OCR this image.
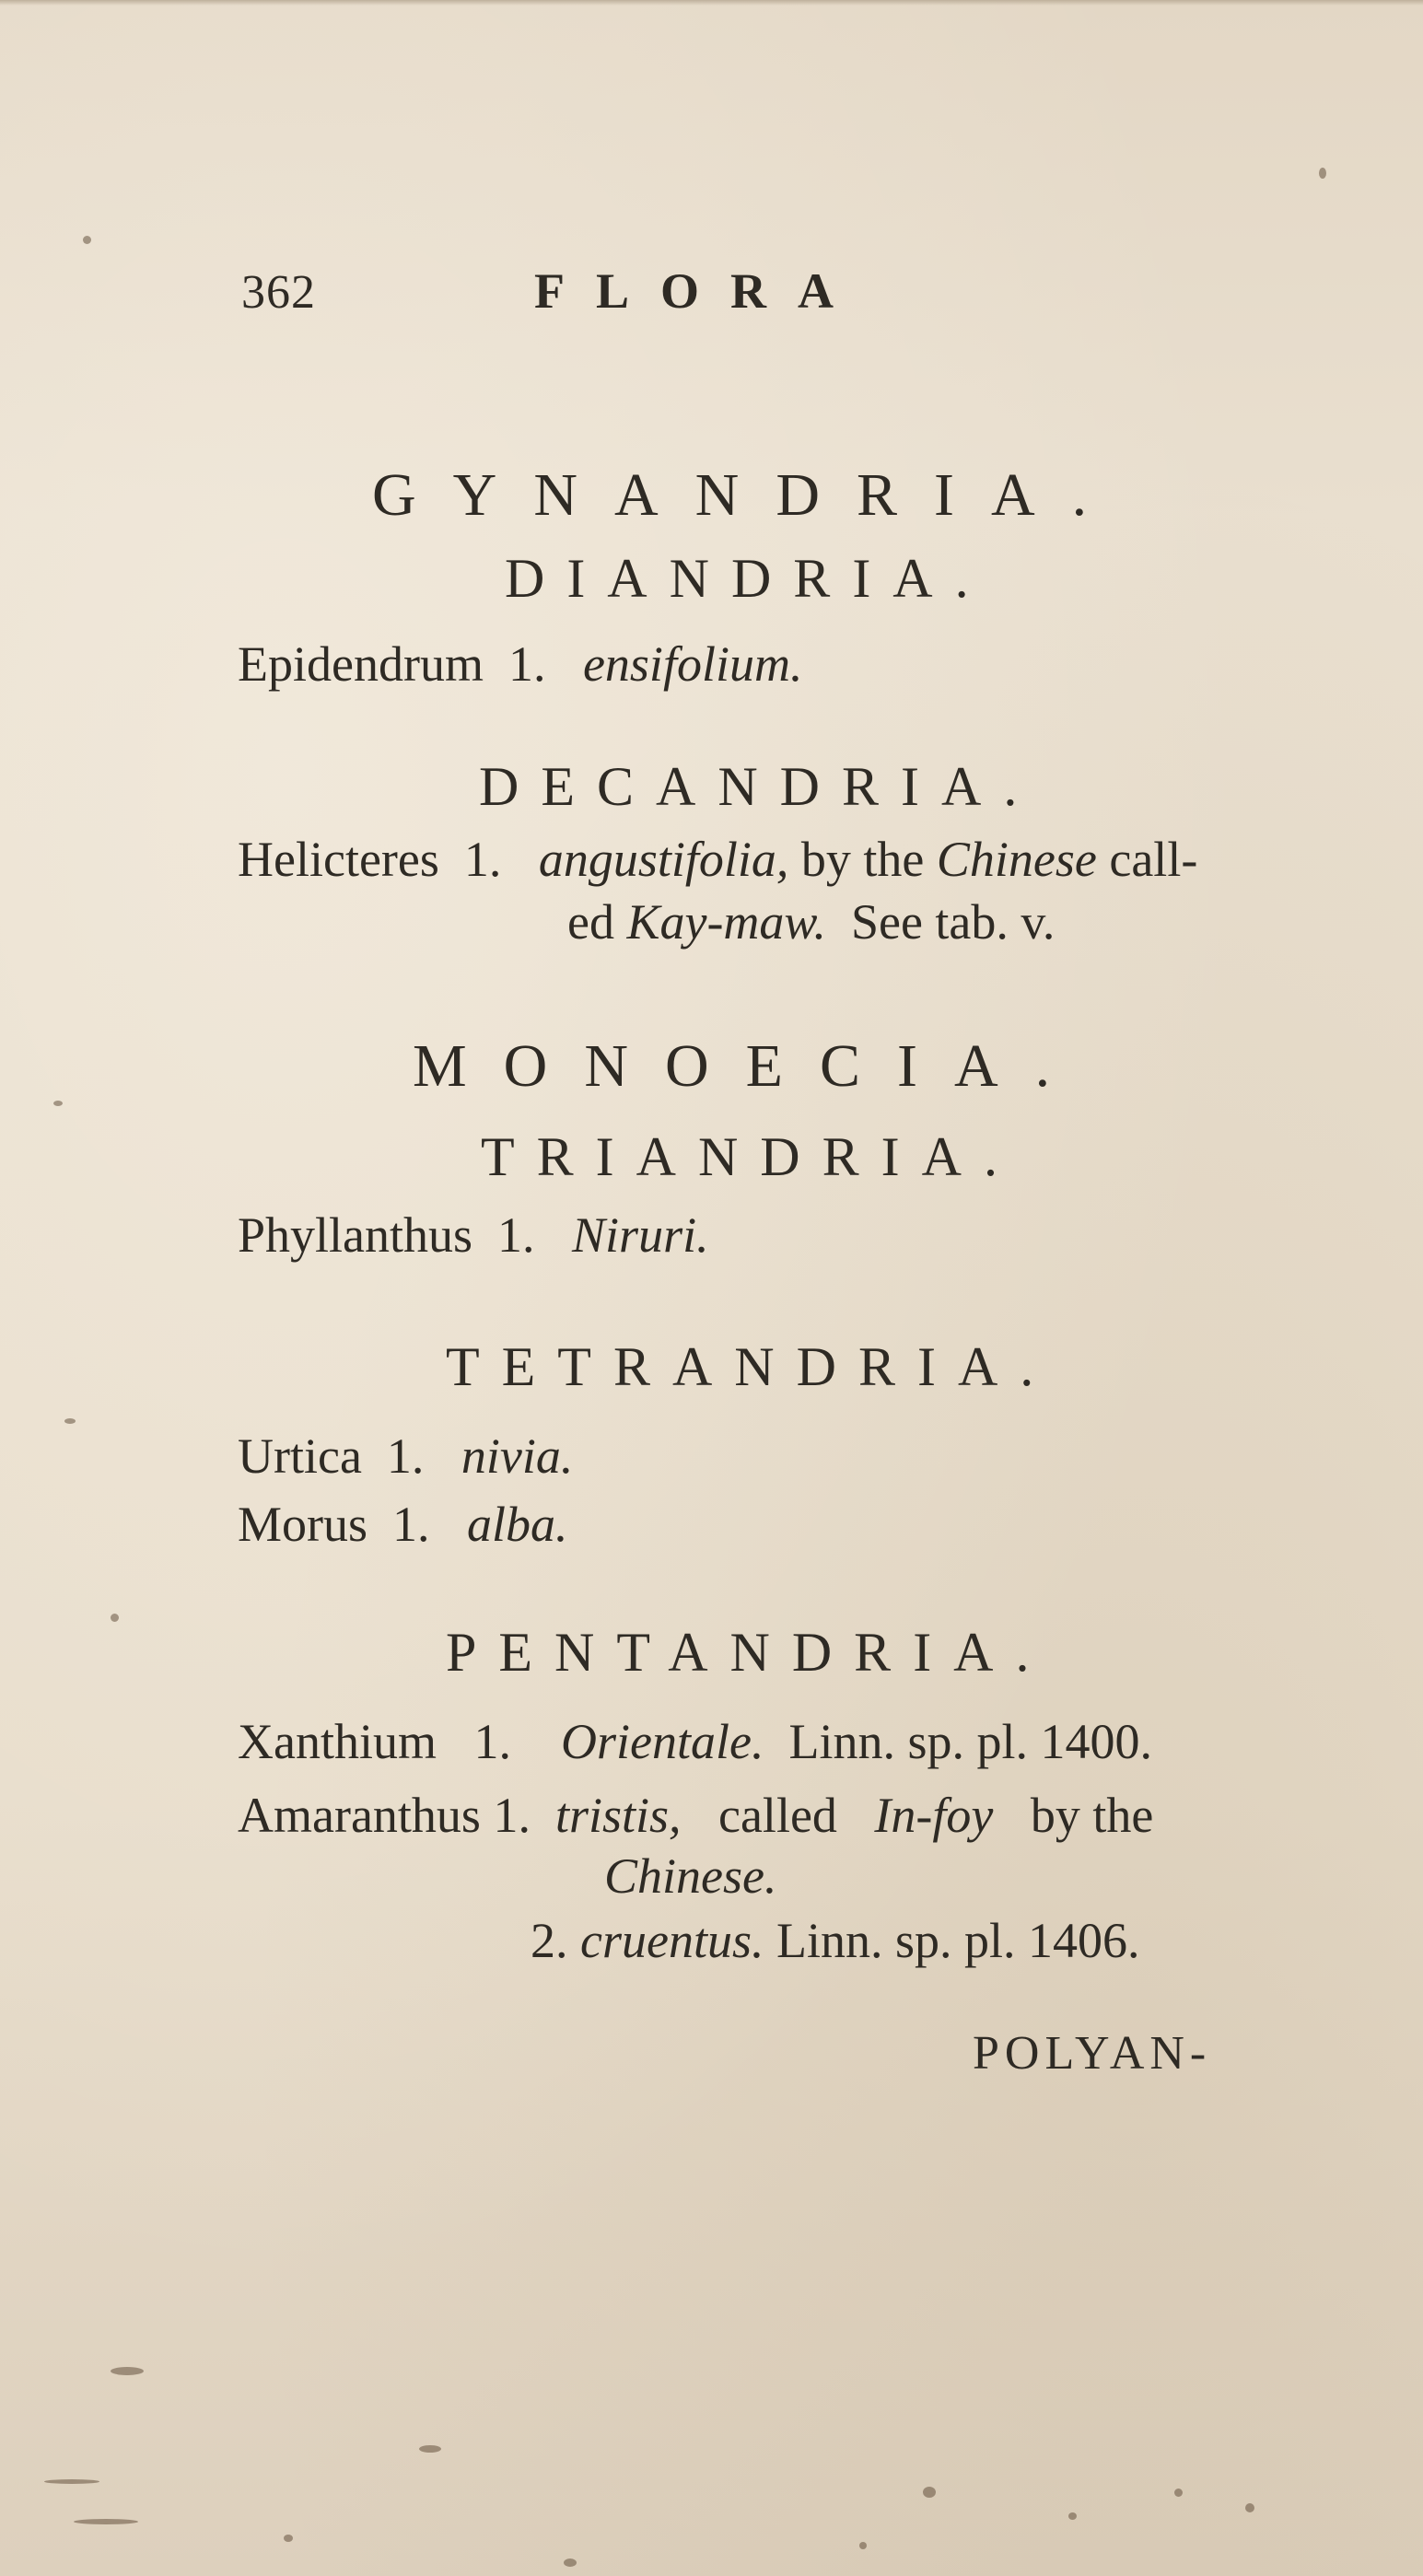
362	FLORA
GYNANDRIA.
DIANDRIA.
Epidendrum 1. ensifolium.
DECANDRIA.
Helicteres 1. angustifolia, by the Chinese call-
ed Kay-maw. See tab. v.
MONOECIA.
TRIANDRIA.
Phyllanthus 1. Niruri.
TETRANDRIA.
Urtica 1. nivia.
Morus 1. alba.
PENTANDRIA.
Xanthium 1. Orientale. Linn. sp. pl. 1400.
Amaranthus 1. tristis, called In-foy by the
Chinese.
2. cruentus. Linn. sp. pl. 1406.
POLYAN-
